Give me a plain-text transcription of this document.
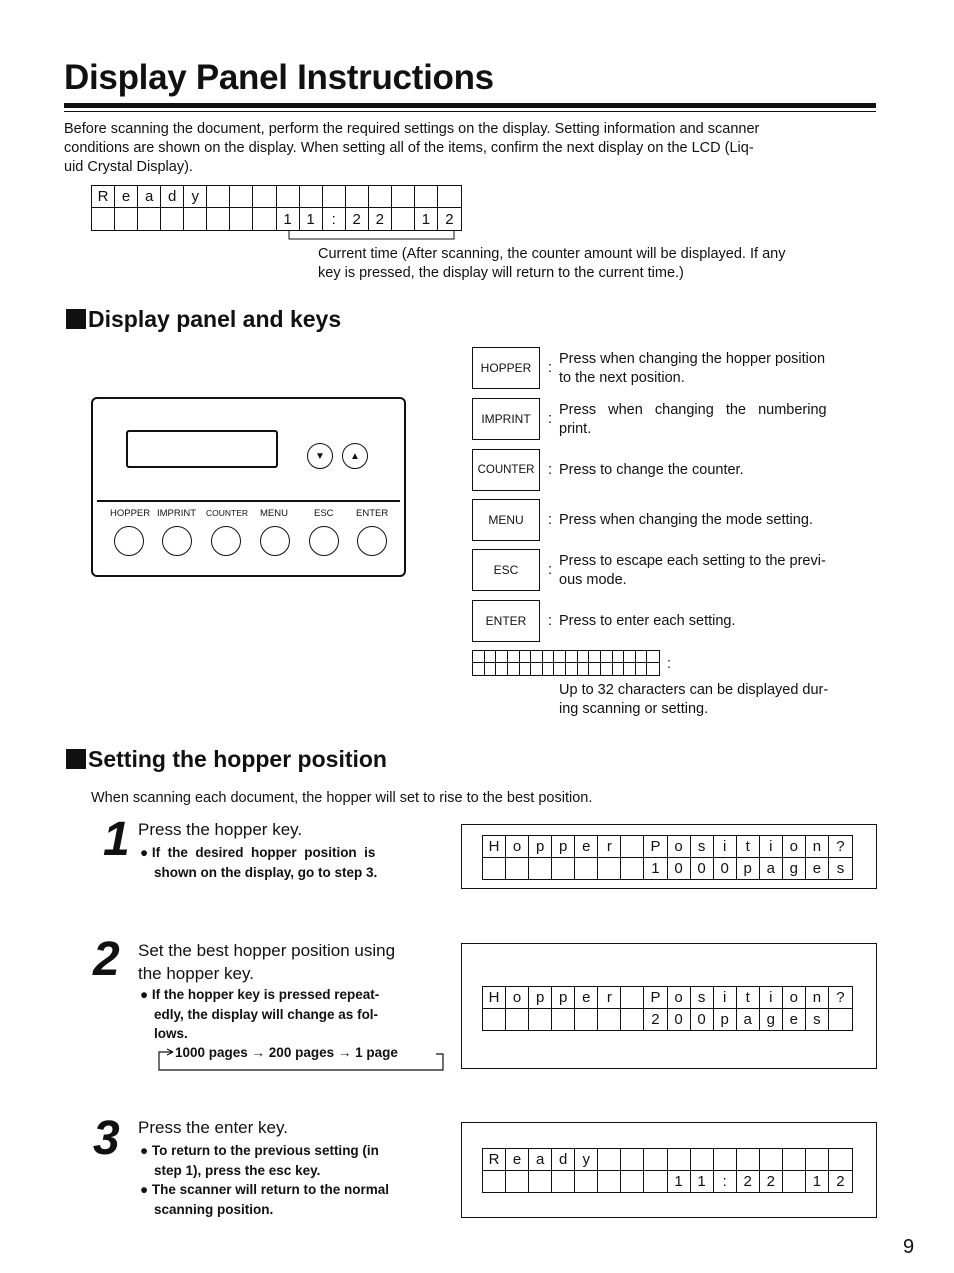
Display Panel Instructions
Before scanning the document, perform the required settings on the display. Setting information and scanner
conditions are shown on the display. When setting all of the items, confirm the next display on the LCD (Liq-
uid Crystal Display).
R e a d	y
1 1	:	2 2	1	2
Current time (After scanning, the counter amount will be displayed. If any
key is pressed, the display will return to the current time.)
Display panel and keys
▼	▲
HOPPER IMPRINT COUNTER MENU	ESC ENTER
HOPPER	:
Press when changing the hopper position
to the next position.
IMPRINT	:
Press   when   changing   the   numbering
print.
COUNTER : Press to change the counter.
MENU	: Press when changing the mode setting.
ESC	:
Press to escape each setting to the previ-
ous mode.
ENTER	: Press to enter each setting.
:
Up to 32 characters can be displayed dur-
ing scanning or setting.
Setting the hopper position
When scanning each document, the hopper will set to rise to the best position.
1 Press the hopper key.
● If  the  desired  hopper  position  is
shown on the display, go to step 3.
H o p p e	r	P o	s	i	t	i	o n	?
1 0 0 0 p a g e	s
2 Set the best hopper position using
the hopper key.
● If the hopper key is pressed repeat-
edly, the display will change as fol-
lows.
1000 pages → 200 pages → 1 page
H o p p e	r	P o	s	i	t	i	o n	?
2 0 0 p a g e	s
3 Press the enter key.
● To return to the previous setting (in
step 1), press the esc key.
● The scanner will return to the normal
scanning position.
R e a d	y
1 1	:	2 2	1	2
9
